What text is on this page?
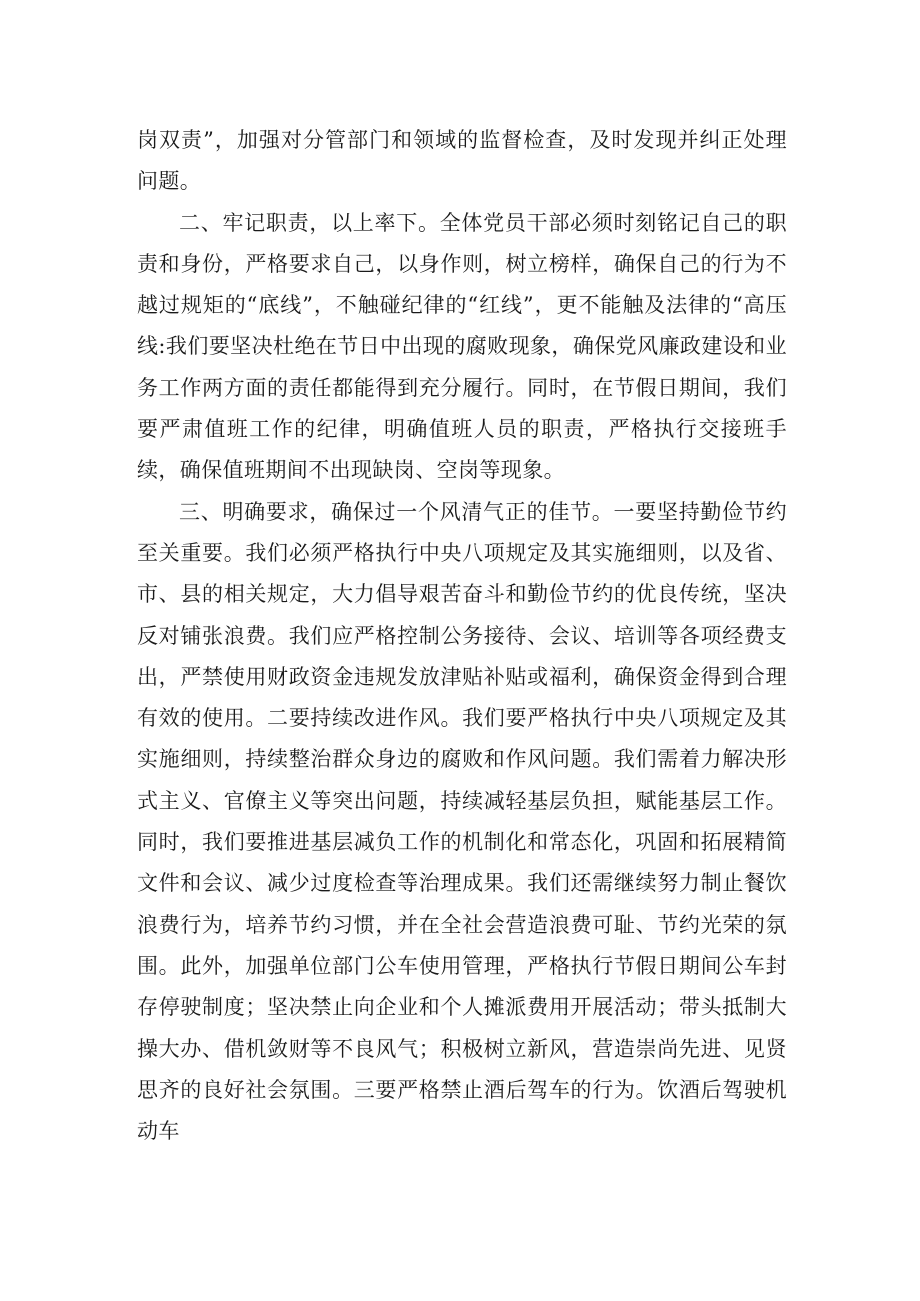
岗双责”，加强对分管部门和领域的监督检查，及时发现并纠正处理问题。

二、牢记职责，以上率下。全体党员干部必须时刻铭记自己的职责和身份，严格要求自己，以身作则，树立榜样，确保自己的行为不越过规矩的“底线”，不触碰纪律的“红线”，更不能触及法律的“高压线:我们要坚决杜绝在节日中出现的腐败现象，确保党风廉政建设和业务工作两方面的责任都能得到充分履行。同时，在节假日期间，我们要严肃值班工作的纪律，明确值班人员的职责，严格执行交接班手续，确保值班期间不出现缺岗、空岗等现象。

三、明确要求，确保过一个风清气正的佳节。一要坚持勤俭节约至关重要。我们必须严格执行中央八项规定及其实施细则，以及省、市、县的相关规定，大力倡导艰苦奋斗和勤俭节约的优良传统，坚决反对铺张浪费。我们应严格控制公务接待、会议、培训等各项经费支出，严禁使用财政资金违规发放津贴补贴或福利，确保资金得到合理有效的使用。二要持续改进作风。我们要严格执行中央八项规定及其实施细则，持续整治群众身边的腐败和作风问题。我们需着力解决形式主义、官僚主义等突出问题，持续减轻基层负担，赋能基层工作。同时，我们要推进基层减负工作的机制化和常态化，巩固和拓展精简文件和会议、减少过度检查等治理成果。我们还需继续努力制止餐饮浪费行为，培养节约习惯，并在全社会营造浪费可耻、节约光荣的氛围。此外，加强单位部门公车使用管理，严格执行节假日期间公车封存停驶制度；坚决禁止向企业和个人摊派费用开展活动；带头抵制大操大办、借机敛财等不良风气；积极树立新风，营造崇尚先进、见贤思齐的良好社会氛围。三要严格禁止酒后驾车的行为。饮酒后驾驶机动车
